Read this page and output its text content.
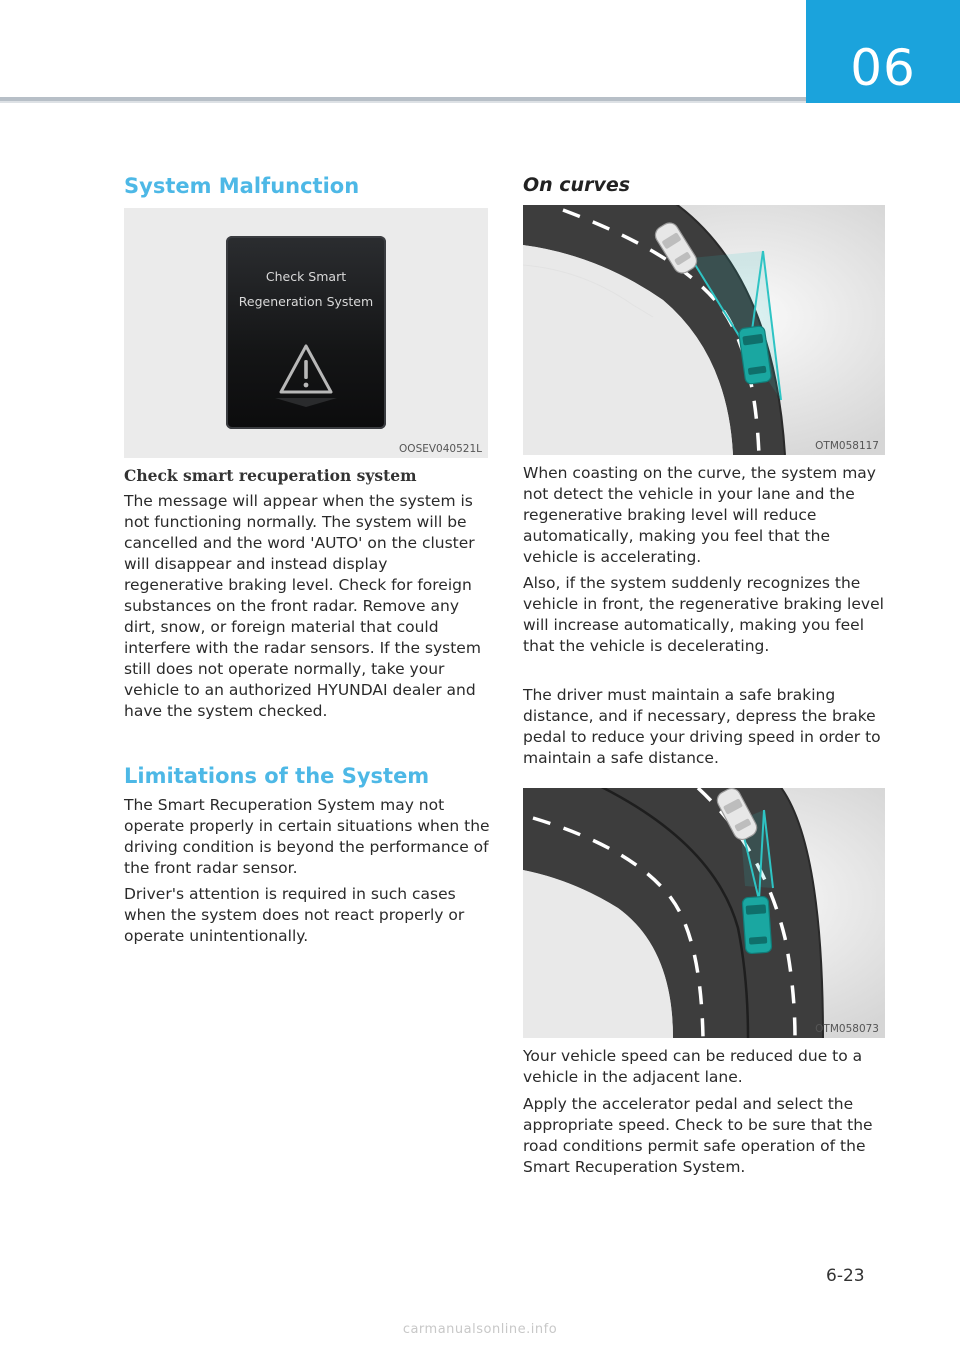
06
System Malfunction
Check Smart
Regeneration System
OOSEV040521L
Check smart recuperation system

The message will appear when the system is not functioning normally. The system will be cancelled and the word 'AUTO' on the cluster will disappear and instead display regenerative braking level. Check for foreign substances on the front radar. Remove any dirt, snow, or foreign material that could interfere with the radar sensors. If the system still does not operate normally, take your vehicle to an authorized HYUNDAI dealer and have the system checked.

Limitations of the System

The Smart Recuperation System may not operate properly in certain situations when the driving condition is beyond the performance of the front radar sensor.

Driver's attention is required in such cases when the system does not react properly or operate unintentionally.

On curves
OTM058117

When coasting on the curve, the system may not detect the vehicle in your lane and the regenerative braking level will reduce automatically, making you feel that the vehicle is accelerating.

Also, if the system suddenly recognizes the vehicle in front, the regenerative braking level will increase automatically, making you feel that the vehicle is decelerating.

The driver must maintain a safe braking distance, and if necessary, depress the brake pedal to reduce your driving speed in order to maintain a safe distance.

OTM058073

Your vehicle speed can be reduced due to a vehicle in the adjacent lane.

Apply the accelerator pedal and select the appropriate speed. Check to be sure that the road conditions permit safe operation of the Smart Recuperation System.

6-23
carmanualsonline.info
